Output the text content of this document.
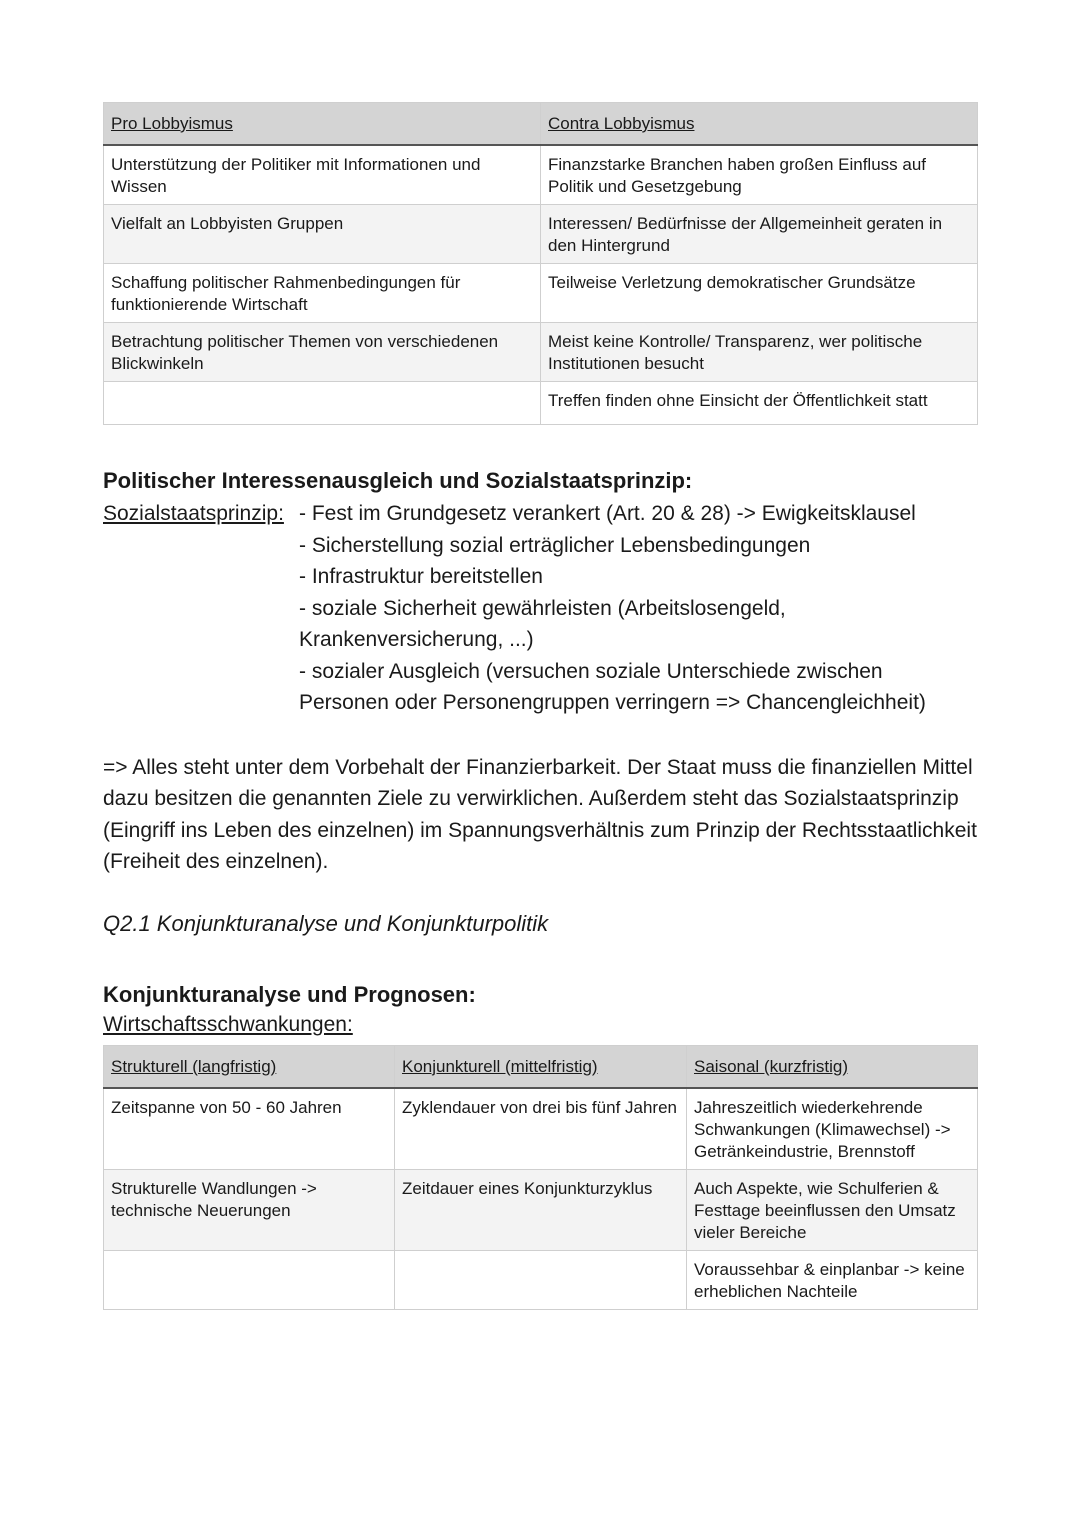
Pro Lobbyismus	Contra Lobbyismus
Unterstützung der Politiker mit Informationen und Wissen	Finanzstarke Branchen haben großen Einfluss auf Politik und Gesetzgebung
Vielfalt an Lobbyisten Gruppen	Interessen/ Bedürfnisse der Allgemeinheit geraten in den Hintergrund
Schaffung politischer Rahmenbedingungen für funktionierende Wirtschaft	Teilweise Verletzung demokratischer Grundsätze
Betrachtung politischer Themen von verschiedenen Blickwinkeln	Meist keine Kontrolle/ Transparenz, wer politische Institutionen besucht
	Treffen finden ohne Einsicht der Öffentlichkeit statt
Politischer Interessenausgleich und Sozialstaatsprinzip:
Sozialstaatsprinzip: - Fest im Grundgesetz verankert (Art. 20 & 28) -> Ewigkeitsklausel
- Sicherstellung sozial erträglicher Lebensbedingungen
- Infrastruktur bereitstellen
- soziale Sicherheit gewährleisten (Arbeitslosengeld, Krankenversicherung, ...)
- sozialer Ausgleich (versuchen soziale Unterschiede zwischen Personen oder Personengruppen verringern => Chancengleichheit)
=> Alles steht unter dem Vorbehalt der Finanzierbarkeit. Der Staat muss die finanziellen Mittel dazu besitzen die genannten Ziele zu verwirklichen. Außerdem steht das Sozialstaatsprinzip (Eingriff ins Leben des einzelnen) im Spannungsverhältnis zum Prinzip der Rechtsstaatlichkeit (Freiheit des einzelnen).
Q2.1 Konjunkturanalyse und Konjunkturpolitik
Konjunkturanalyse und Prognosen:
Wirtschaftsschwankungen:
Strukturell (langfristig)	Konjunkturell (mittelfristig)	Saisonal (kurzfristig)
Zeitspanne von 50 - 60 Jahren	Zyklendauer von drei bis fünf Jahren	Jahreszeitlich wiederkehrende Schwankungen (Klimawechsel) -> Getränkeindustrie, Brennstoff
Strukturelle Wandlungen -> technische Neuerungen	Zeitdauer eines Konjunkturzyklus	Auch Aspekte, wie Schulferien & Festtage beeinflussen den Umsatz vieler Bereiche
		Voraussehbar & einplanbar -> keine erheblichen Nachteile
